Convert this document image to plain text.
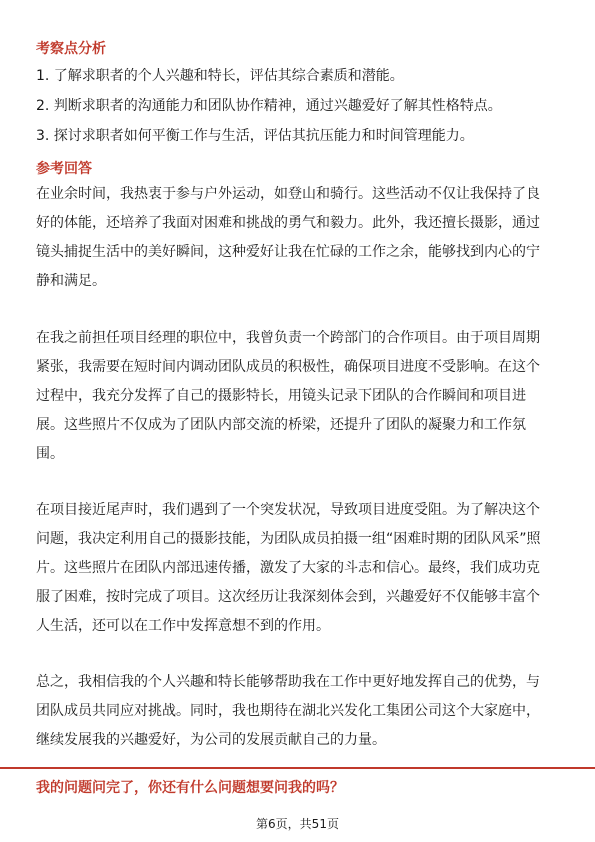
考察点分析
1. 了解求职者的个人兴趣和特长，评估其综合素质和潜能。
2. 判断求职者的沟通能力和团队协作精神，通过兴趣爱好了解其性格特点。
3. 探讨求职者如何平衡工作与生活，评估其抗压能力和时间管理能力。
参考回答
在业余时间，我热衷于参与户外运动，如登山和骑行。这些活动不仅让我保持了良
好的体能，还培养了我面对困难和挑战的勇气和毅力。此外，我还擅长摄影，通过
镜头捕捉生活中的美好瞬间，这种爱好让我在忙碌的工作之余，能够找到内心的宁
静和满足。
在我之前担任项目经理的职位中，我曾负责一个跨部门的合作项目。由于项目周期
紧张，我需要在短时间内调动团队成员的积极性，确保项目进度不受影响。在这个
过程中，我充分发挥了自己的摄影特长，用镜头记录下团队的合作瞬间和项目进
展。这些照片不仅成为了团队内部交流的桥梁，还提升了团队的凝聚力和工作氛
围。
在项目接近尾声时，我们遇到了一个突发状况，导致项目进度受阻。为了解决这个
问题，我决定利用自己的摄影技能，为团队成员拍摄一组“困难时期的团队风采”照
片。这些照片在团队内部迅速传播，激发了大家的斗志和信心。最终，我们成功克
服了困难，按时完成了项目。这次经历让我深刻体会到，兴趣爱好不仅能够丰富个
人生活，还可以在工作中发挥意想不到的作用。
总之，我相信我的个人兴趣和特长能够帮助我在工作中更好地发挥自己的优势，与
团队成员共同应对挑战。同时，我也期待在湖北兴发化工集团公司这个大家庭中，
继续发展我的兴趣爱好，为公司的发展贡献自己的力量。
我的问题问完了，你还有什么问题想要问我的吗？
第6页，共51页
